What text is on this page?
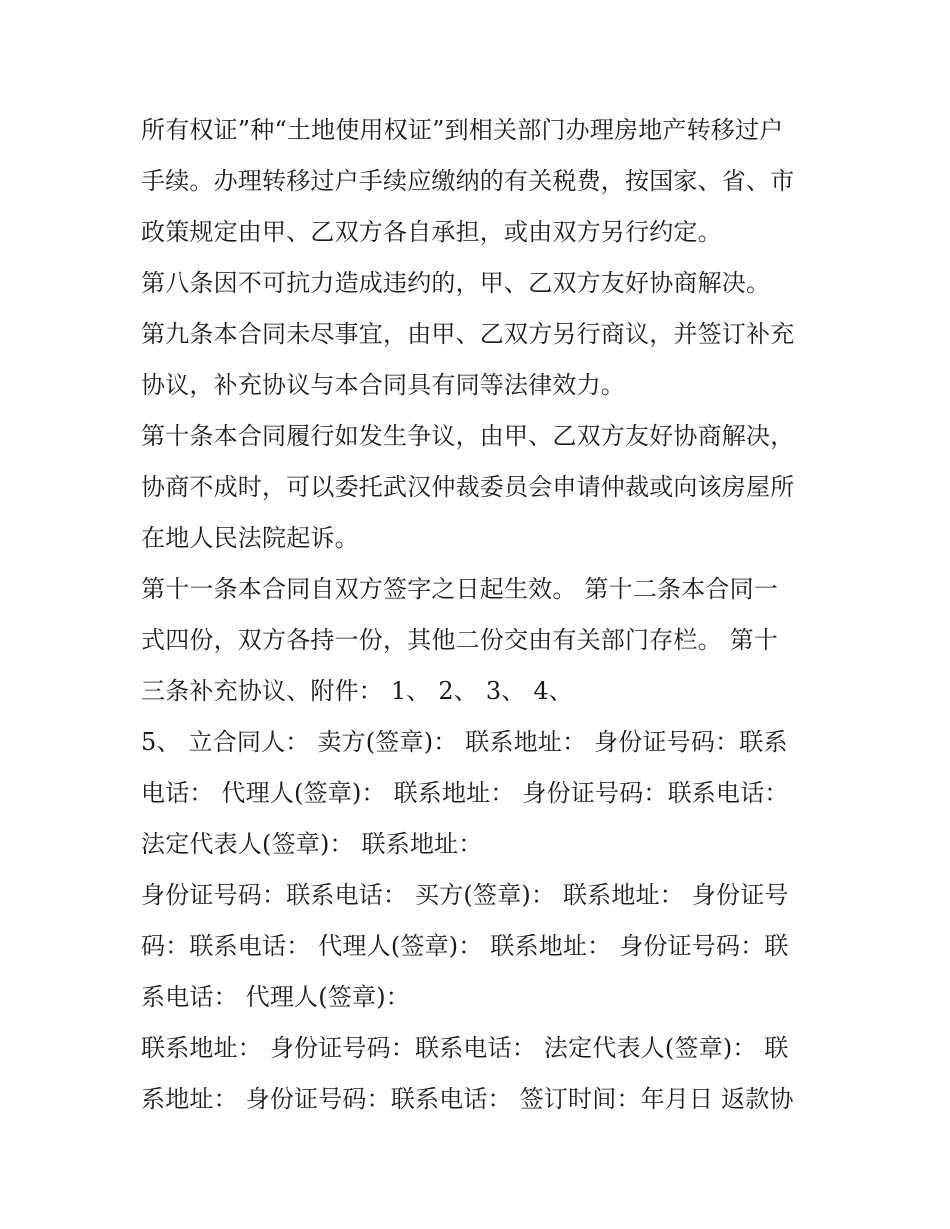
所有权证”种“土地使用权证”到相关部门办理房地产转移过户
手续。办理转移过户手续应缴纳的有关税费，按国家、省、市
政策规定由甲、乙双方各自承担，或由双方另行约定。
第八条因不可抗力造成违约的，甲、乙双方友好协商解决。
第九条本合同未尽事宜，由甲、乙双方另行商议，并签订补充
协议，补充协议与本合同具有同等法律效力。
第十条本合同履行如发生争议，由甲、乙双方友好协商解决，
协商不成时，可以委托武汉仲裁委员会申请仲裁或向该房屋所
在地人民法院起诉。
第十一条本合同自双方签字之日起生效。 第十二条本合同一
式四份，双方各持一份，其他二份交由有关部门存栏。 第十
三条补充协议、附件： 1、 2、 3、 4、
5、 立合同人： 卖方(签章)： 联系地址： 身份证号码：联系
电话： 代理人(签章)： 联系地址： 身份证号码：联系电话：
法定代表人(签章)： 联系地址：
身份证号码：联系电话： 买方(签章)： 联系地址： 身份证号
码：联系电话： 代理人(签章)： 联系地址： 身份证号码：联
系电话： 代理人(签章)：
联系地址： 身份证号码：联系电话： 法定代表人(签章)： 联
系地址： 身份证号码：联系电话： 签订时间：年月日 返款协
